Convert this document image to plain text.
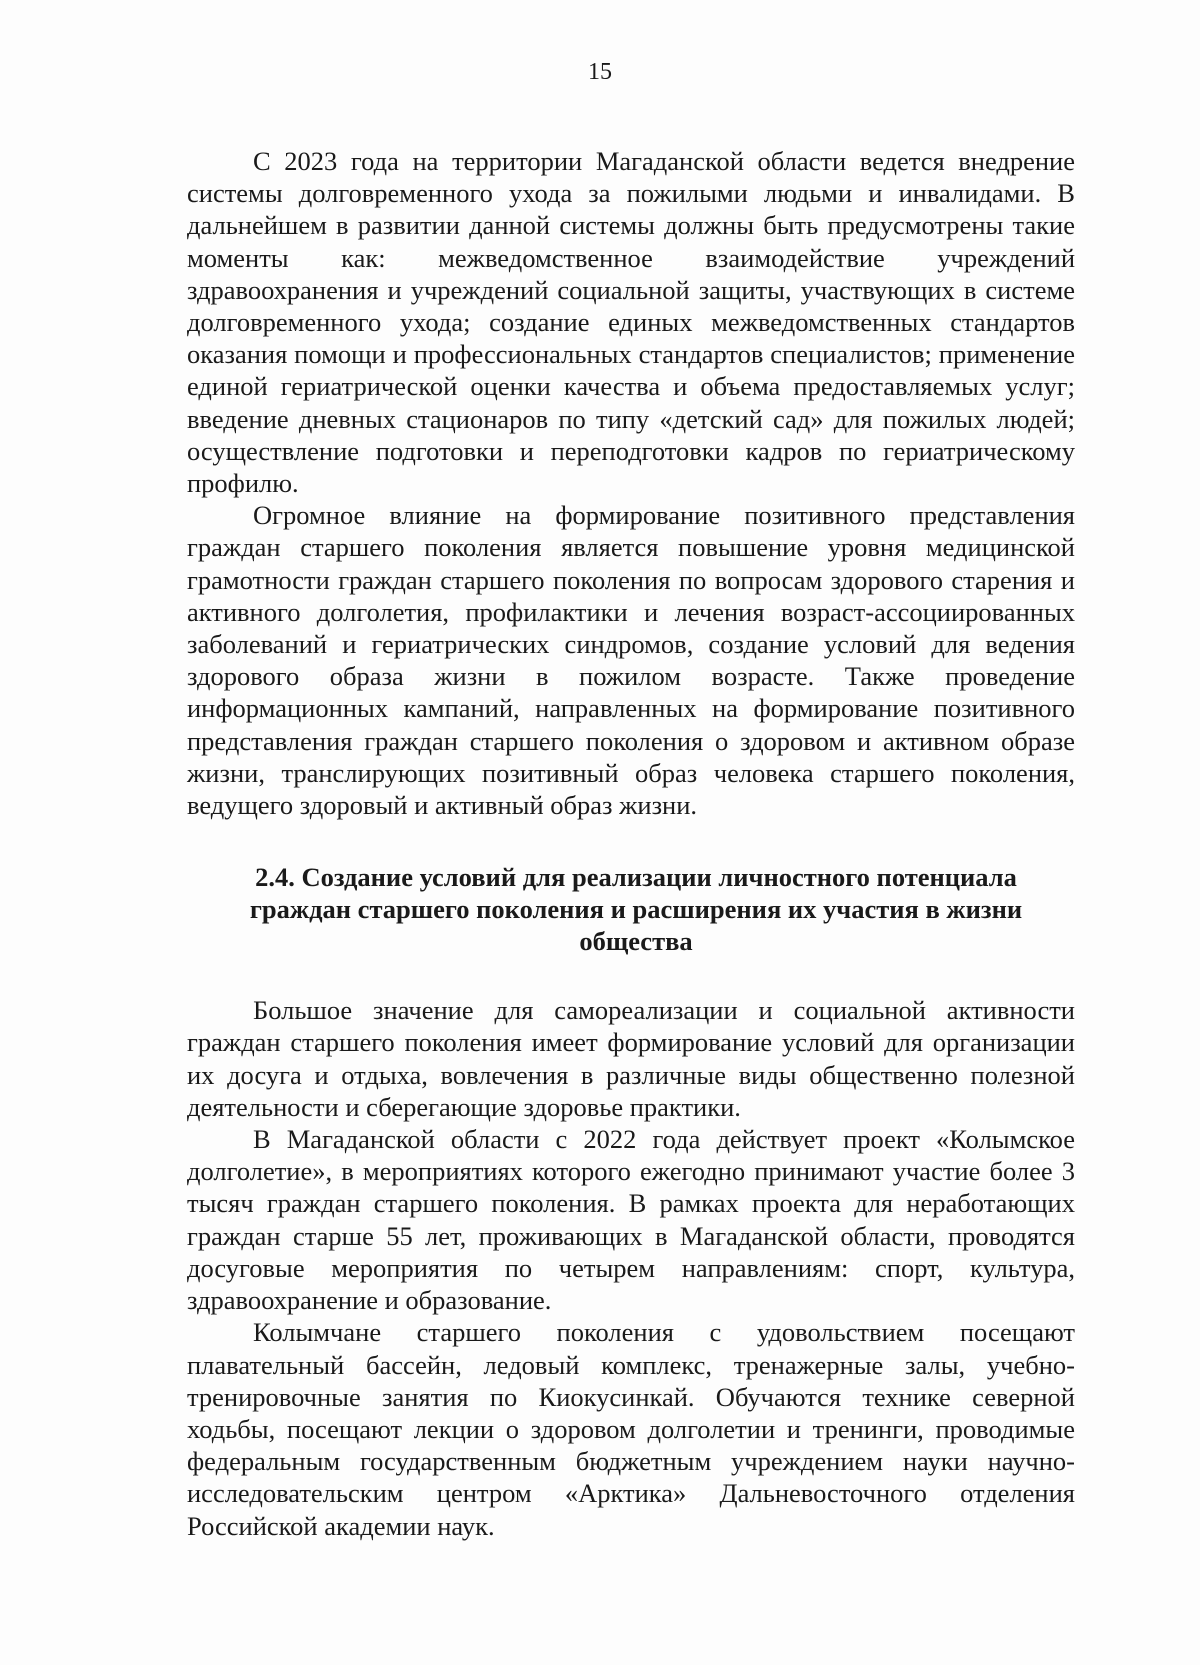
15

С 2023 года на территории Магаданской области ведется внедрение системы долговременного ухода за пожилыми людьми и инвалидами. В дальнейшем в развитии данной системы должны быть предусмотрены такие моменты как: межведомственное взаимодействие учреждений здравоохранения и учреждений социальной защиты, участвующих в системе долговременного ухода; создание единых межведомственных стандартов оказания помощи и профессиональных стандартов специалистов; применение единой гериатрической оценки качества и объема предоставляемых услуг; введение дневных стационаров по типу «детский сад» для пожилых людей; осуществление подготовки и переподготовки кадров по гериатрическому профилю.

Огромное влияние на формирование позитивного представления граждан старшего поколения является повышение уровня медицинской грамотности граждан старшего поколения по вопросам здорового старения и активного долголетия, профилактики и лечения возраст-ассоциированных заболеваний и гериатрических синдромов, создание условий для ведения здорового образа жизни в пожилом возрасте. Также проведение информационных кампаний, направленных на формирование позитивного представления граждан старшего поколения о здоровом и активном образе жизни, транслирующих позитивный образ человека старшего поколения, ведущего здоровый и активный образ жизни.

2.4. Создание условий для реализации личностного потенциала граждан старшего поколения и расширения их участия в жизни общества

Большое значение для самореализации и социальной активности граждан старшего поколения имеет формирование условий для организации их досуга и отдыха, вовлечения в различные виды общественно полезной деятельности и сберегающие здоровье практики.

В Магаданской области с 2022 года действует проект «Колымское долголетие», в мероприятиях которого ежегодно принимают участие более 3 тысяч граждан старшего поколения. В рамках проекта для неработающих граждан старше 55 лет, проживающих в Магаданской области, проводятся досуговые мероприятия по четырем направлениям: спорт, культура, здравоохранение и образование.

Колымчане старшего поколения с удовольствием посещают плавательный бассейн, ледовый комплекс, тренажерные залы, учебно-тренировочные занятия по Киокусинкай. Обучаются технике северной ходьбы, посещают лекции о здоровом долголетии и тренинги, проводимые федеральным государственным бюджетным учреждением науки научно-исследовательским центром «Арктика» Дальневосточного отделения Российской академии наук.
